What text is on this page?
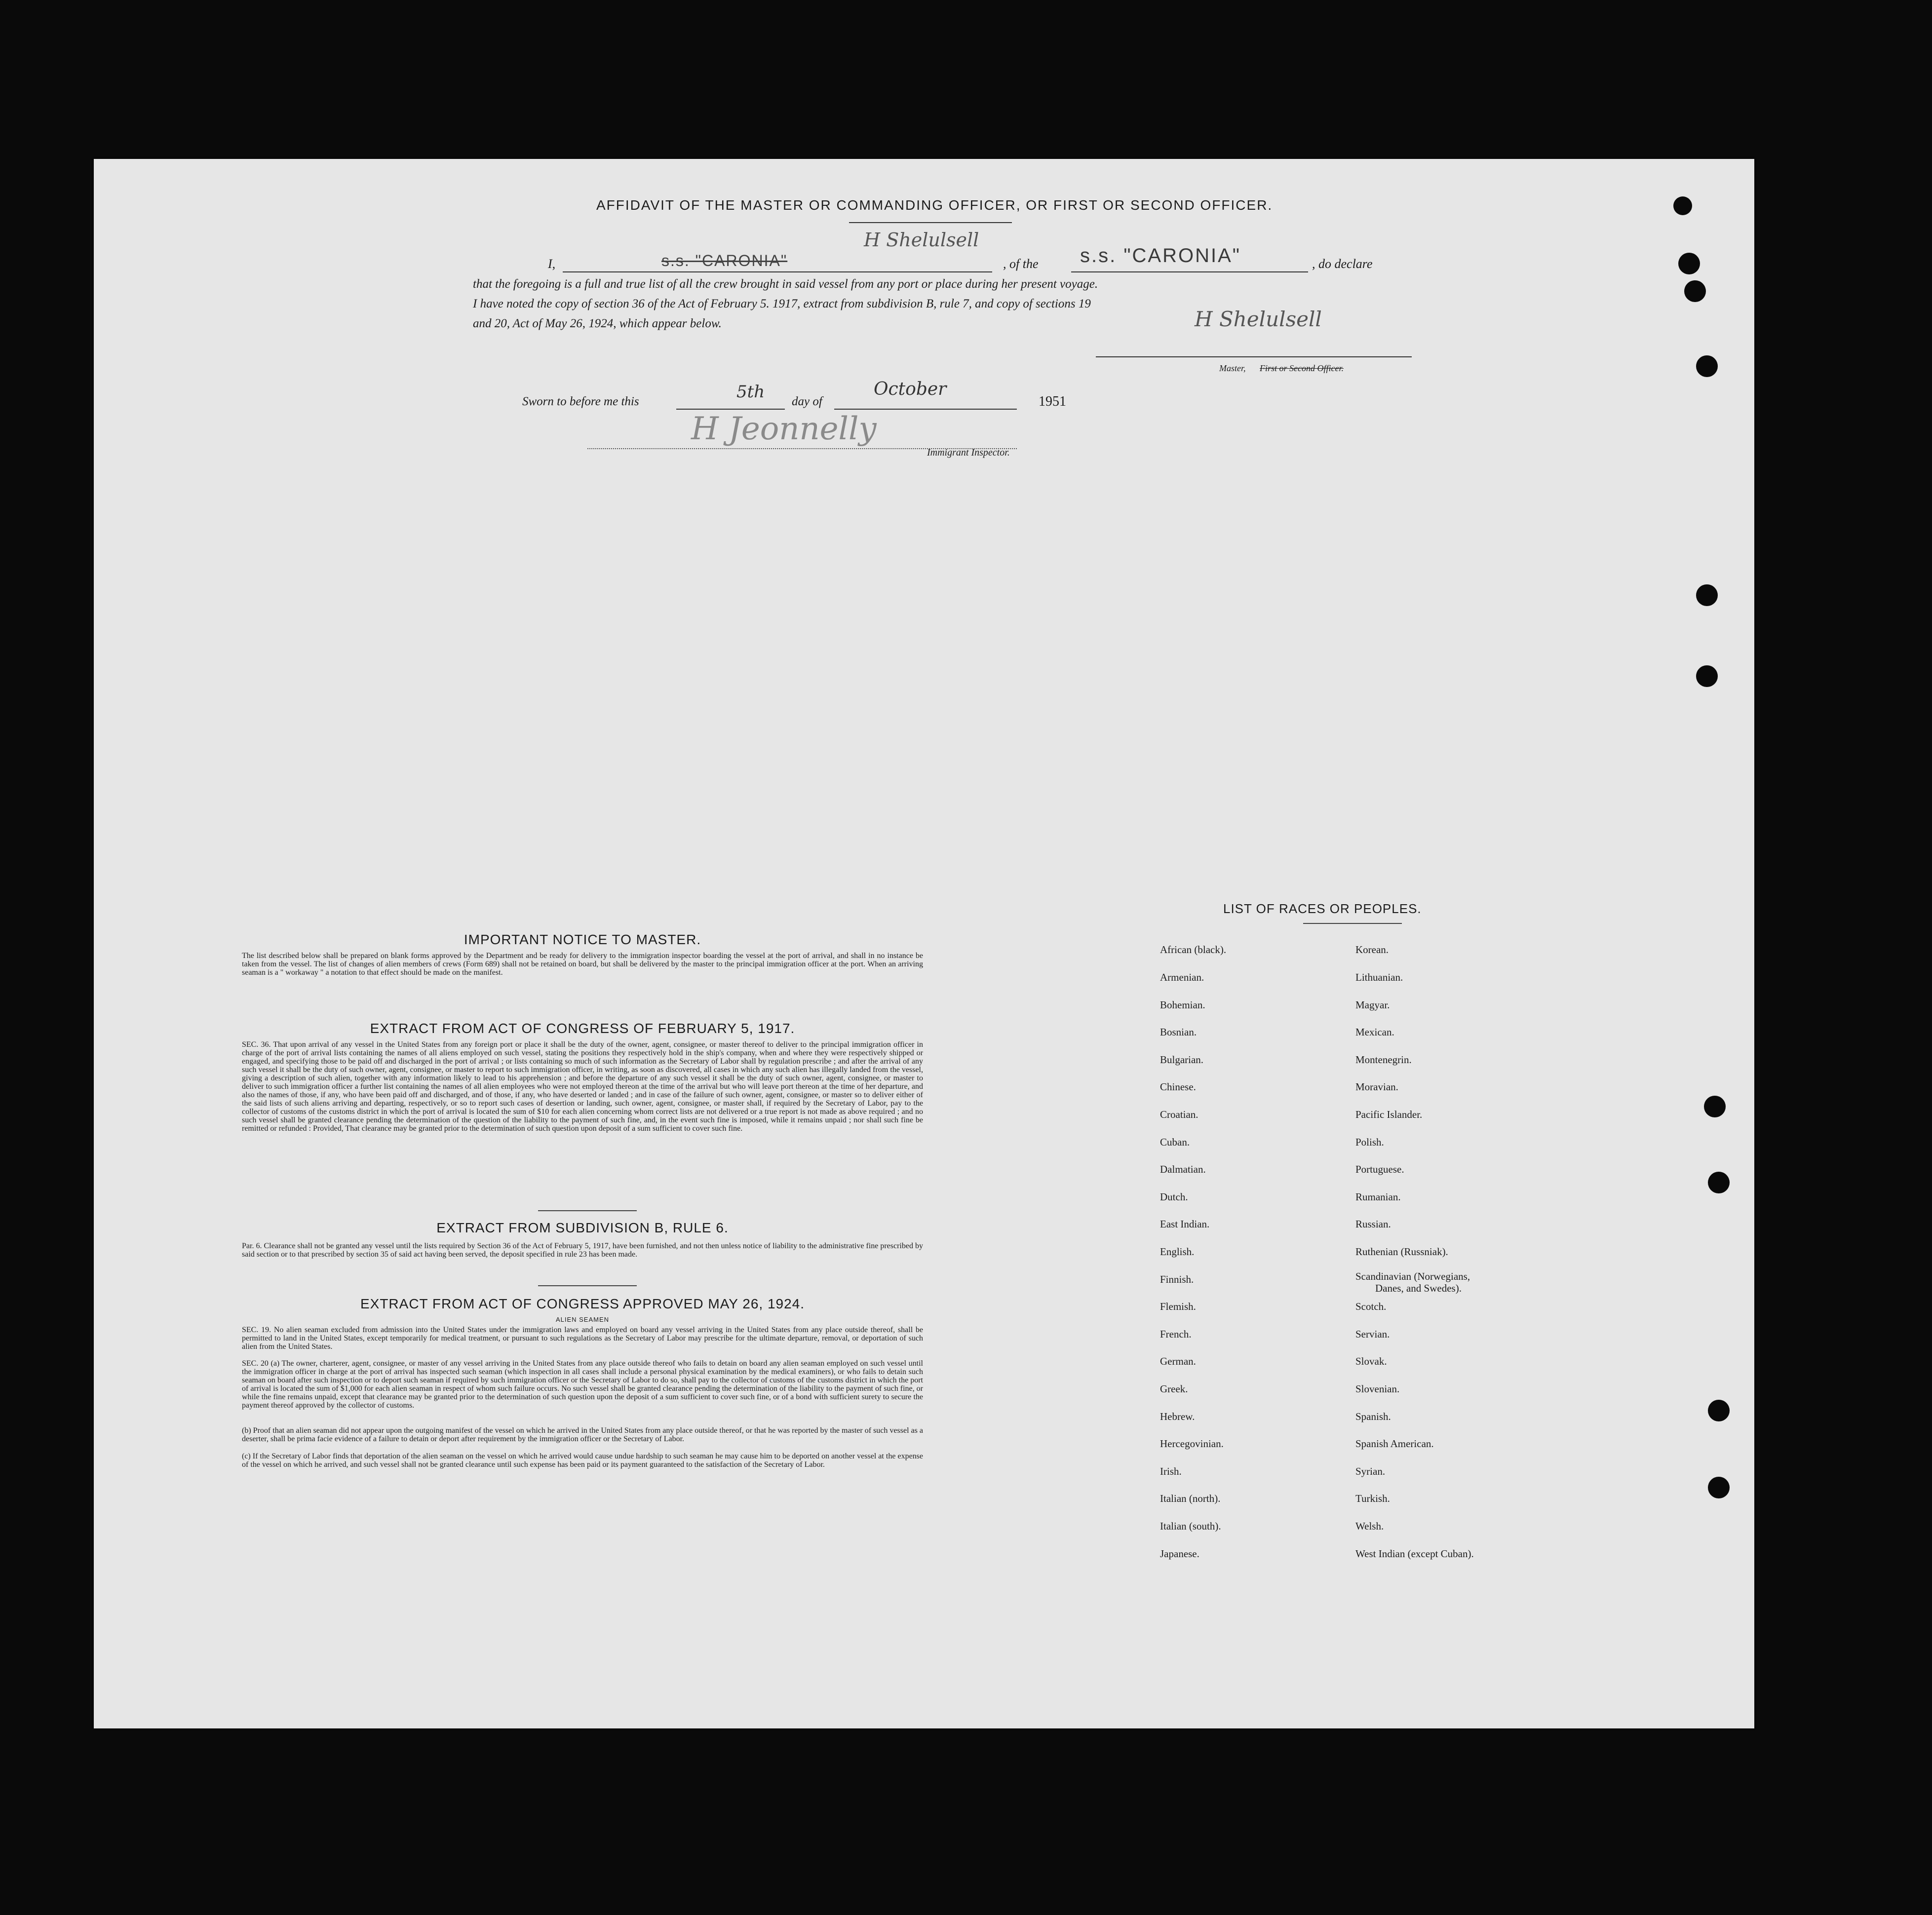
AFFIDAVIT OF THE MASTER OR COMMANDING OFFICER, OR FIRST OR SECOND OFFICER.
I,	s.s. "CARONIA"
H Shelulsell
, of the s.s. "CARONIA"	, do declare
that the foregoing is a full and true list of all the crew brought in said vessel from any port or place during her present voyage.
I have noted the copy of section 36 of the Act of February 5. 1917, extract from subdivision B, rule 7, and copy of sections 19
and 20, Act of May 26, 1924, which appear below.	H Shelulsell
Master, First or Second Officer.
Sworn to before me this	5th day of
October
1951
H Jeonnelly
Immigrant Inspector.
IMPORTANT NOTICE TO MASTER.
The list described below shall be prepared on blank forms approved by the Department and be ready for delivery to the immigration inspector boarding the vessel at the port of arrival, and shall in no instance be taken from the vessel. The list of changes of alien members of crews (Form 689) shall not be retained on board, but shall be delivered by the master to the principal immigration officer at the port. When an arriving seaman is a " workaway " a notation to that effect should be made on the manifest.
EXTRACT FROM ACT OF CONGRESS OF FEBRUARY 5, 1917.
SEC. 36. That upon arrival of any vessel in the United States from any foreign port or place it shall be the duty of the owner, agent, consignee, or master thereof to deliver to the principal immigration officer in charge of the port of arrival lists containing the names of all aliens employed on such vessel, stating the positions they respectively hold in the ship's company, when and where they were respectively shipped or engaged, and specifying those to be paid off and discharged in the port of arrival ; or lists containing so much of such information as the Secretary of Labor shall by regulation prescribe ; and after the arrival of any such vessel it shall be the duty of such owner, agent, consignee, or master to report to such immigration officer, in writing, as soon as discovered, all cases in which any such alien has illegally landed from the vessel, giving a description of such alien, together with any information likely to lead to his apprehension ; and before the departure of any such vessel it shall be the duty of such owner, agent, consignee, or master to deliver to such immigration officer a further list containing the names of all alien employees who were not employed thereon at the time of the arrival but who will leave port thereon at the time of her departure, and also the names of those, if any, who have been paid off and discharged, and of those, if any, who have deserted or landed ; and in case of the failure of such owner, agent, consignee, or master so to deliver either of the said lists of such aliens arriving and departing, respectively, or so to report such cases of desertion or landing, such owner, agent, consignee, or master shall, if required by the Secretary of Labor, pay to the collector of customs of the customs district in which the port of arrival is located the sum of $10 for each alien concerning whom correct lists are not delivered or a true report is not made as above required ; and no such vessel shall be granted clearance pending the determination of the question of the liability to the payment of such fine, and, in the event such fine is imposed, while it remains unpaid ; nor shall such fine be remitted or refunded : Provided, That clearance may be granted prior to the determination of such question upon deposit of a sum sufficient to cover such fine.
EXTRACT FROM SUBDIVISION B, RULE 6.
Par. 6. Clearance shall not be granted any vessel until the lists required by Section 36 of the Act of February 5, 1917, have been furnished, and not then unless notice of liability to the administrative fine prescribed by said section or to that prescribed by section 35 of said act having been served, the deposit specified in rule 23 has been made.
EXTRACT FROM ACT OF CONGRESS APPROVED MAY 26, 1924.
ALIEN SEAMEN
SEC. 19. No alien seaman excluded from admission into the United States under the immigration laws and employed on board any vessel arriving in the United States from any place outside thereof, shall be permitted to land in the United States, except temporarily for medical treatment, or pursuant to such regulations as the Secretary of Labor may prescribe for the ultimate departure, removal, or deportation of such alien from the United States.
SEC. 20 (a) The owner, charterer, agent, consignee, or master of any vessel arriving in the United States from any place outside thereof who fails to detain on board any alien seaman employed on such vessel until the immigration officer in charge at the port of arrival has inspected such seaman (which inspection in all cases shall include a personal physical examination by the medical examiners), or who fails to detain such seaman on board after such inspection or to deport such seaman if required by such immigration officer or the Secretary of Labor to do so, shall pay to the collector of customs of the customs district in which the port of arrival is located the sum of $1,000 for each alien seaman in respect of whom such failure occurs. No such vessel shall be granted clearance pending the determination of the liability to the payment of such fine, or while the fine remains unpaid, except that clearance may be granted prior to the determination of such question upon the deposit of a sum sufficient to cover such fine, or of a bond with sufficient surety to secure the payment thereof approved by the collector of customs.
(b) Proof that an alien seaman did not appear upon the outgoing manifest of the vessel on which he arrived in the United States from any place outside thereof, or that he was reported by the master of such vessel as a deserter, shall be prima facie evidence of a failure to detain or deport after requirement by the immigration officer or the Secretary of Labor.
(c) If the Secretary of Labor finds that deportation of the alien seaman on the vessel on which he arrived would cause undue hardship to such seaman he may cause him to be deported on another vessel at the expense of the vessel on which he arrived, and such vessel shall not be granted clearance until such expense has been paid or its payment guaranteed to the satisfaction of the Secretary of Labor.
LIST OF RACES OR PEOPLES.
African (black).
Armenian.
Bohemian.
Bosnian.
Bulgarian.
Chinese.
Croatian.
Cuban.
Dalmatian.
Dutch.
East Indian.
English.
Finnish.
Flemish.
French.
German.
Greek.
Hebrew.
Hercegovinian.
Irish.
Italian (north).
Italian (south).
Japanese.
Korean.
Lithuanian.
Magyar.
Mexican.
Montenegrin.
Moravian.
Pacific Islander.
Polish.
Portuguese.
Rumanian.
Russian.
Ruthenian (Russniak).
Scandinavian (Norwegians,
Danes, and Swedes).
Scotch.
Servian.
Slovak.
Slovenian.
Spanish.
Spanish American.
Syrian.
Turkish.
Welsh.
West Indian (except Cuban).
